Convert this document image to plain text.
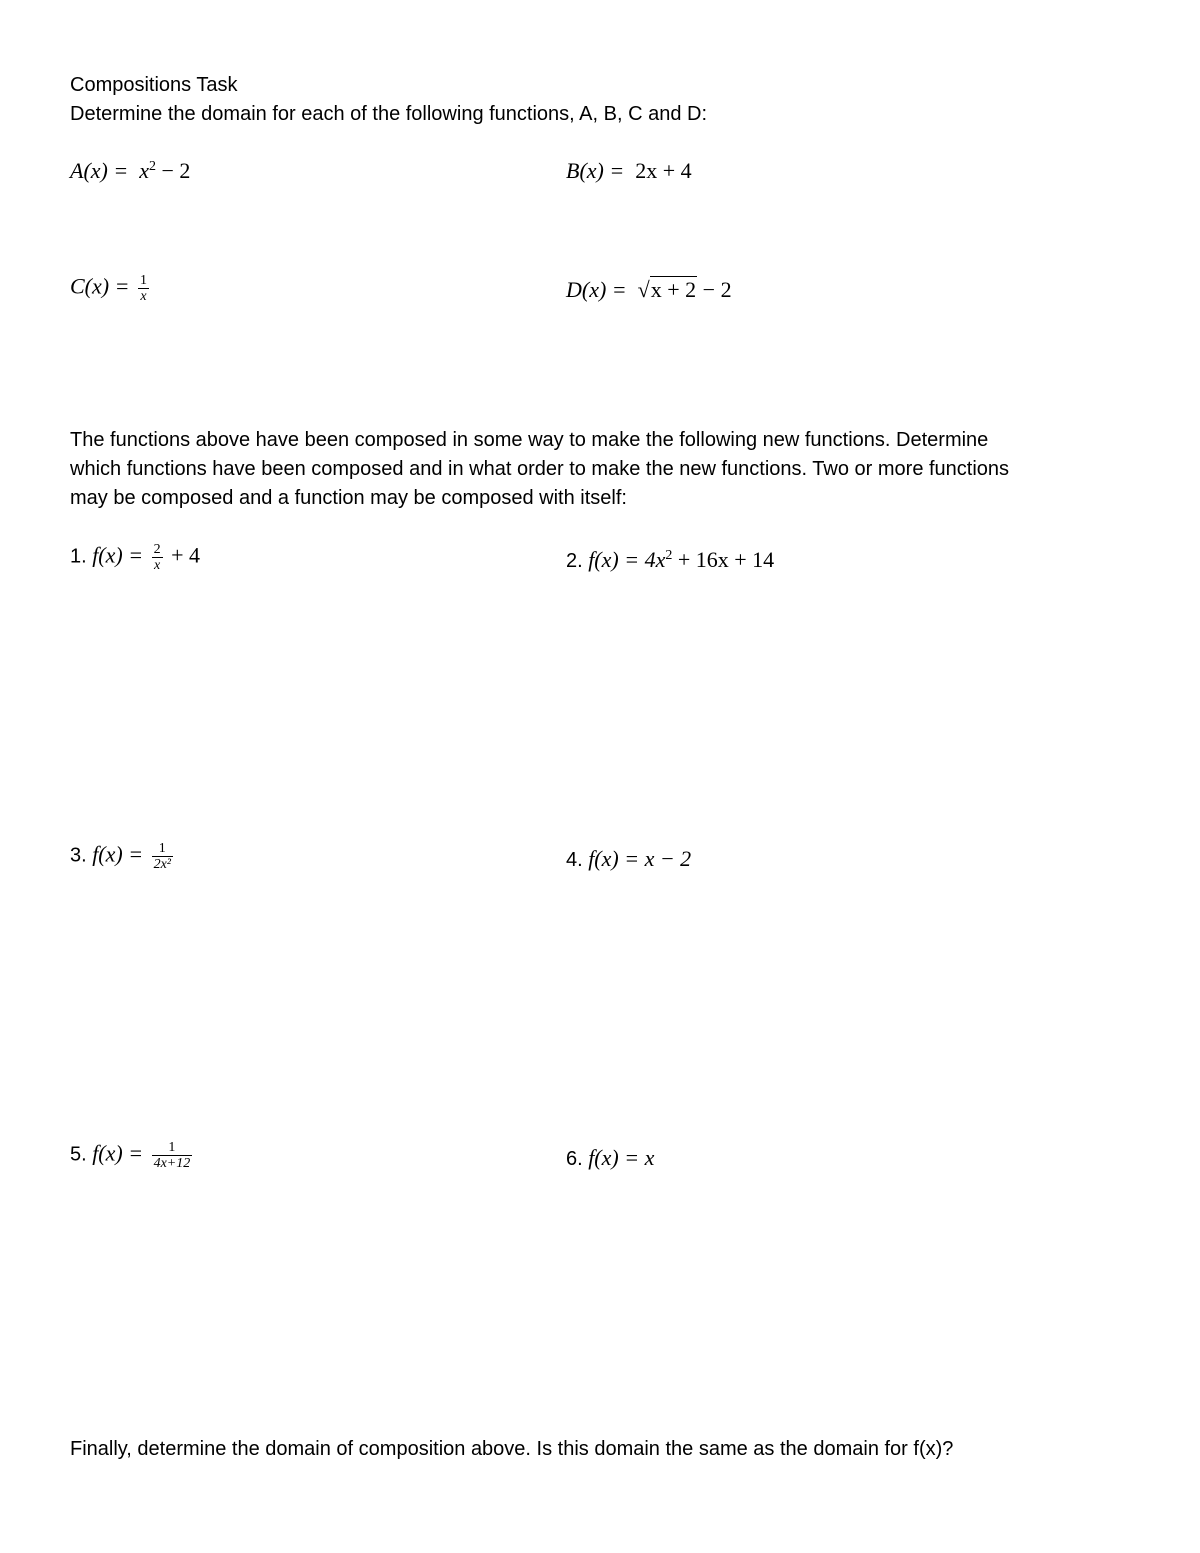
Compositions Task
Determine the domain for each of the following functions, A, B, C and D:
$A(x) = x^2 - 2$	B(x) = 2x + 4
$C(x) = \frac{1}{x}$	D(x) = √x + 2 − 2
The functions above have been composed in some way to make the following new functions. Determine
which functions have been composed and in what order to make the new functions. Two or more functions
may be composed and a function may be composed with itself:
1. $f(x) = \frac{2}{x} + 4$	2. $f(x) = 4x^2 + 16x + 14$
3. $f(x) = \frac{1}{\text{2x²}}$	4. f(x) = x − 2
5. $f(x) = \frac{1}{4x+12}$	6. f(x) = x
Finally, determine the domain of composition above. Is this domain the same as the domain for f(x)?
